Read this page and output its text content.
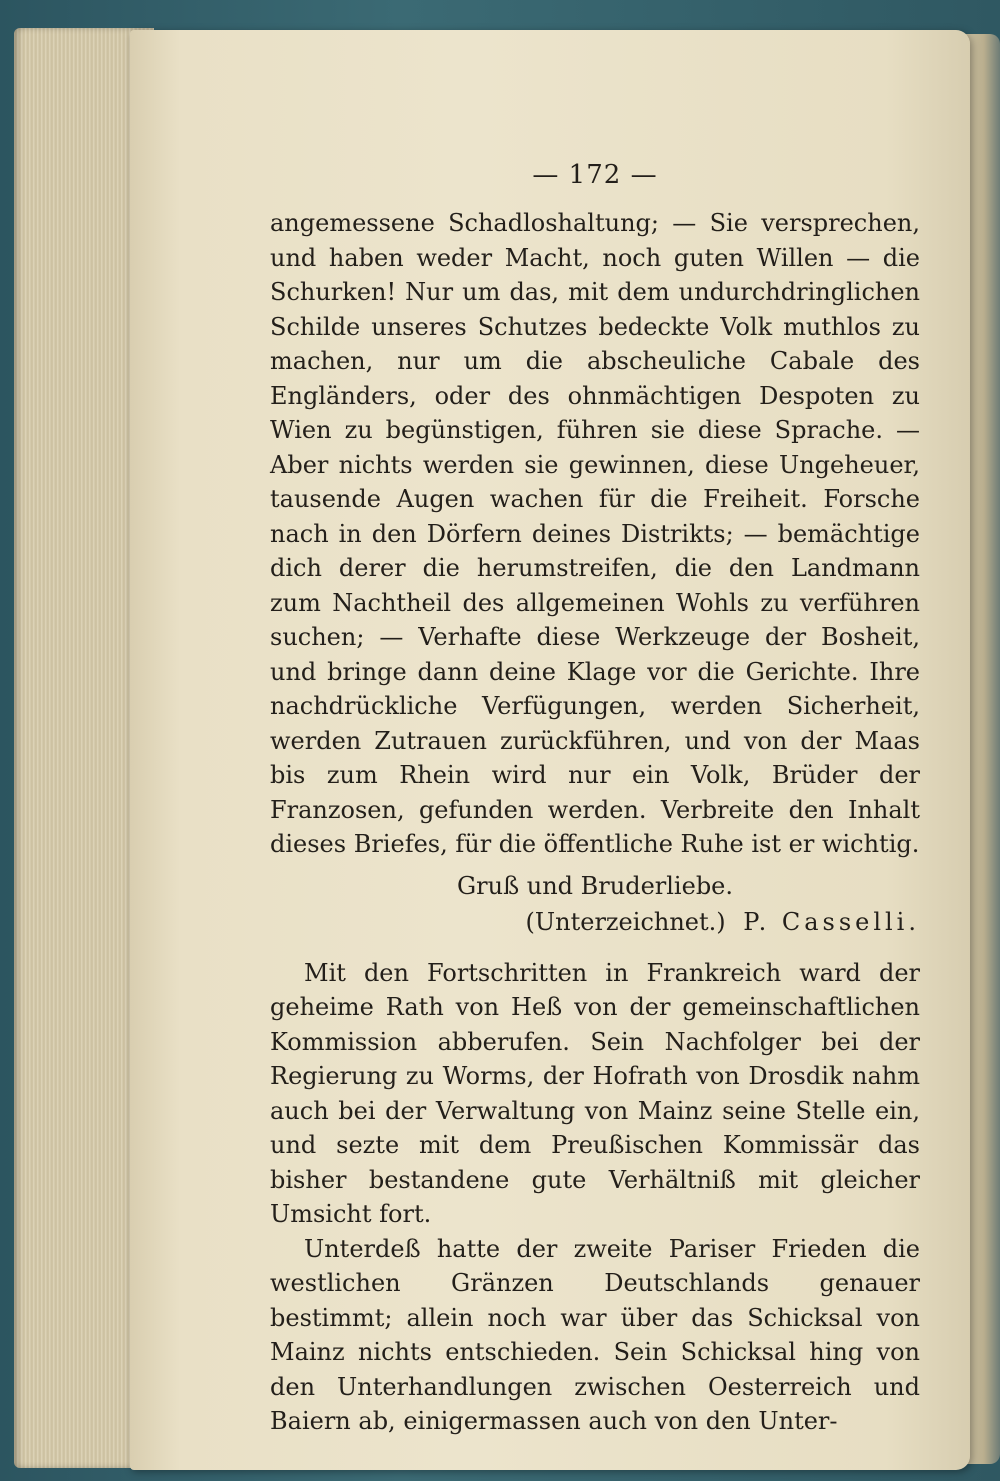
— 172 —

angemessene Schadloshaltung; — Sie versprechen, und haben weder Macht, noch guten Willen — die Schurken! Nur um das, mit dem undurchdringlichen Schilde unseres Schutzes bedeckte Volk muthlos zu machen, nur um die abscheuliche Cabale des Engländers, oder des ohnmächtigen Despoten zu Wien zu begünstigen, führen sie diese Sprache. — Aber nichts werden sie gewinnen, diese Ungeheuer, tausende Augen wachen für die Freiheit. Forsche nach in den Dörfern deines Distrikts; — bemächtige dich derer die herumstreifen, die den Landmann zum Nachtheil des allgemeinen Wohls zu verführen suchen; — Verhafte diese Werkzeuge der Bosheit, und bringe dann deine Klage vor die Gerichte. Ihre nachdrückliche Verfügungen, werden Sicherheit, werden Zutrauen zurückführen, und von der Maas bis zum Rhein wird nur ein Volk, Brüder der Franzosen, gefunden werden. Verbreite den Inhalt dieses Briefes, für die öffentliche Ruhe ist er wichtig.

Gruß und Bruderliebe.
(Unterzeichnet.) P. Casselli.

Mit den Fortschritten in Frankreich ward der geheime Rath von Heß von der gemeinschaftlichen Kommission abberufen. Sein Nachfolger bei der Regierung zu Worms, der Hofrath von Drosdik nahm auch bei der Verwaltung von Mainz seine Stelle ein, und sezte mit dem Preußischen Kommissär das bisher bestandene gute Verhältniß mit gleicher Umsicht fort.

Unterdeß hatte der zweite Pariser Frieden die westlichen Gränzen Deutschlands genauer bestimmt; allein noch war über das Schicksal von Mainz nichts entschieden. Sein Schicksal hing von den Unterhandlungen zwischen Oesterreich und Baiern ab, einigermassen auch von den Unter-
